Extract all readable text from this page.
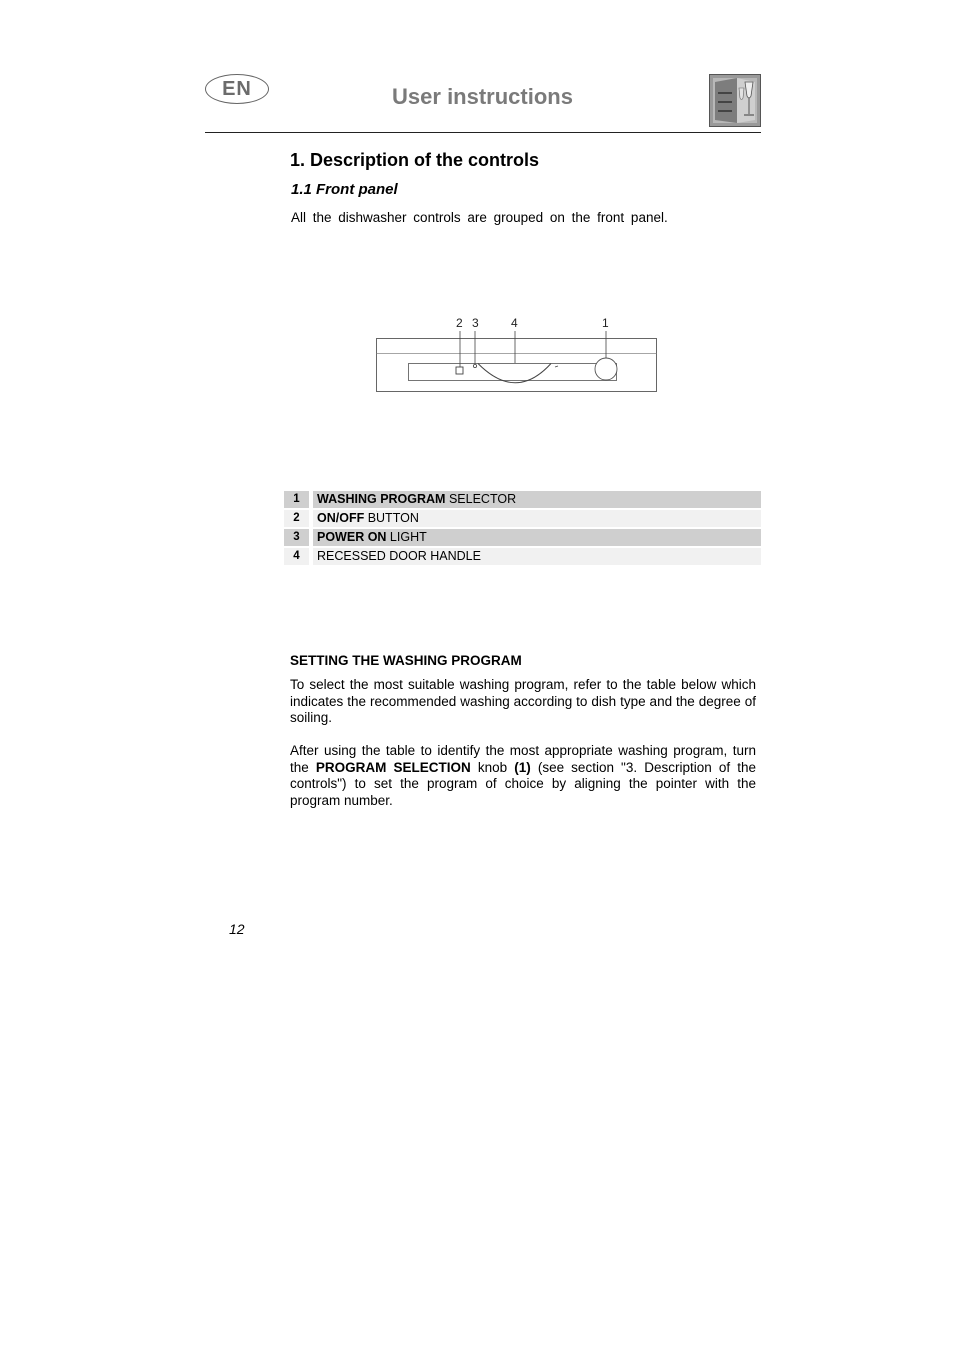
EN	User instructions
1. Description of the controls
1.1 Front panel
All the dishwasher controls are grouped on the front panel.
2 3	4	1
1	WASHING PROGRAM SELECTOR
2	ON/OFF BUTTON
3	POWER ON LIGHT
4	RECESSED DOOR HANDLE
SETTING THE WASHING PROGRAM
To select the most suitable washing program, refer to the table below which indicates the recommended washing according to dish type and the degree of soiling.
After using the table to identify the most appropriate washing program, turn the PROGRAM SELECTION knob (1) (see section "3. Description of the controls") to set the program of choice by aligning the pointer with the program number.
12
